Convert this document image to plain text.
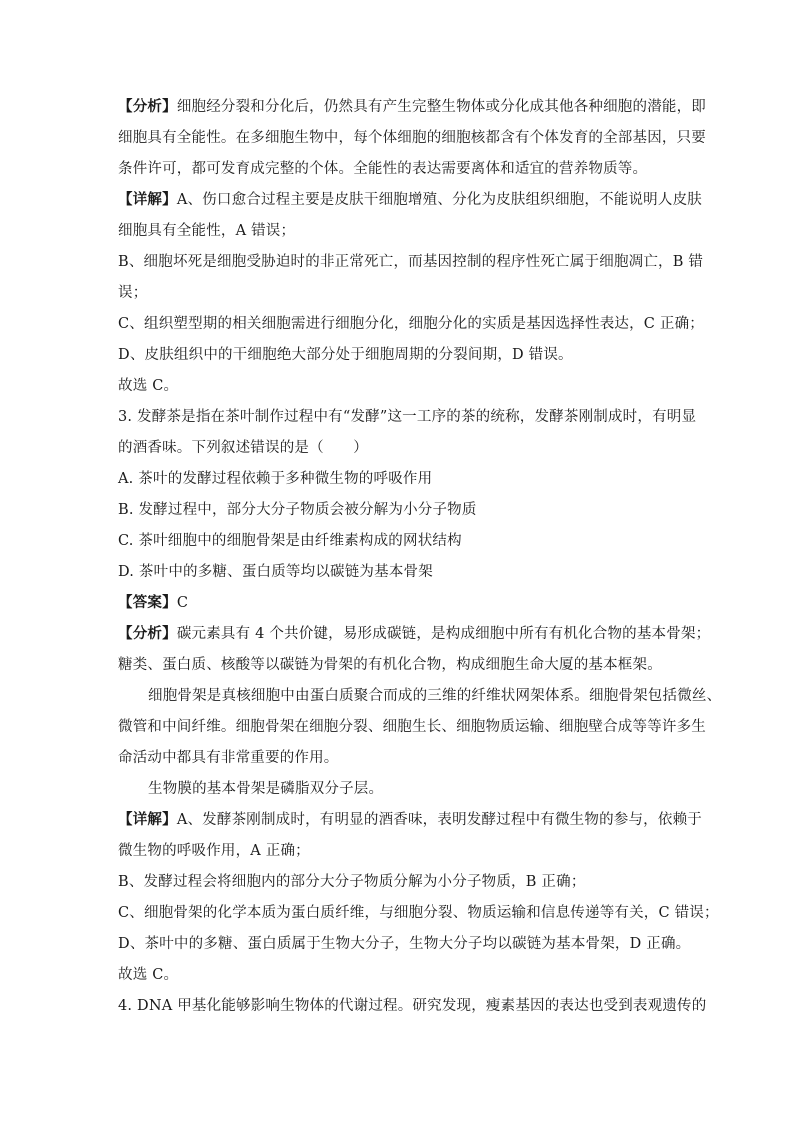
【分析】细胞经分裂和分化后，仍然具有产生完整生物体或分化成其他各种细胞的潜能，即
细胞具有全能性。在多细胞生物中，每个体细胞的细胞核都含有个体发育的全部基因，只要
条件许可，都可发育成完整的个体。全能性的表达需要离体和适宜的营养物质等。
【详解】A、伤口愈合过程主要是皮肤干细胞增殖、分化为皮肤组织细胞，不能说明人皮肤
细胞具有全能性，A 错误；
B、细胞坏死是细胞受胁迫时的非正常死亡，而基因控制的程序性死亡属于细胞凋亡，B 错
误；
C、组织塑型期的相关细胞需进行细胞分化，细胞分化的实质是基因选择性表达，C 正确；
D、皮肤组织中的干细胞绝大部分处于细胞周期的分裂间期，D 错误。
故选 C。
3. 发酵茶是指在茶叶制作过程中有“发酵”这一工序的茶的统称，发酵茶刚制成时，有明显
的酒香味。下列叙述错误的是（　　）
A. 茶叶的发酵过程依赖于多种微生物的呼吸作用
B. 发酵过程中，部分大分子物质会被分解为小分子物质
C. 茶叶细胞中的细胞骨架是由纤维素构成的网状结构
D. 茶叶中的多糖、蛋白质等均以碳链为基本骨架
【答案】C
【分析】碳元素具有 4 个共价键，易形成碳链，是构成细胞中所有有机化合物的基本骨架；
糖类、蛋白质、核酸等以碳链为骨架的有机化合物，构成细胞生命大厦的基本框架。
细胞骨架是真核细胞中由蛋白质聚合而成的三维的纤维状网架体系。细胞骨架包括微丝、
微管和中间纤维。细胞骨架在细胞分裂、细胞生长、细胞物质运输、细胞壁合成等等许多生
命活动中都具有非常重要的作用。
生物膜的基本骨架是磷脂双分子层。
【详解】A、发酵茶刚制成时，有明显的酒香味，表明发酵过程中有微生物的参与，依赖于
微生物的呼吸作用，A 正确；
B、发酵过程会将细胞内的部分大分子物质分解为小分子物质，B 正确；
C、细胞骨架的化学本质为蛋白质纤维，与细胞分裂、物质运输和信息传递等有关，C 错误；
D、茶叶中的多糖、蛋白质属于生物大分子，生物大分子均以碳链为基本骨架，D 正确。
故选 C。
4. DNA 甲基化能够影响生物体的代谢过程。研究发现，瘦素基因的表达也受到表观遗传的
